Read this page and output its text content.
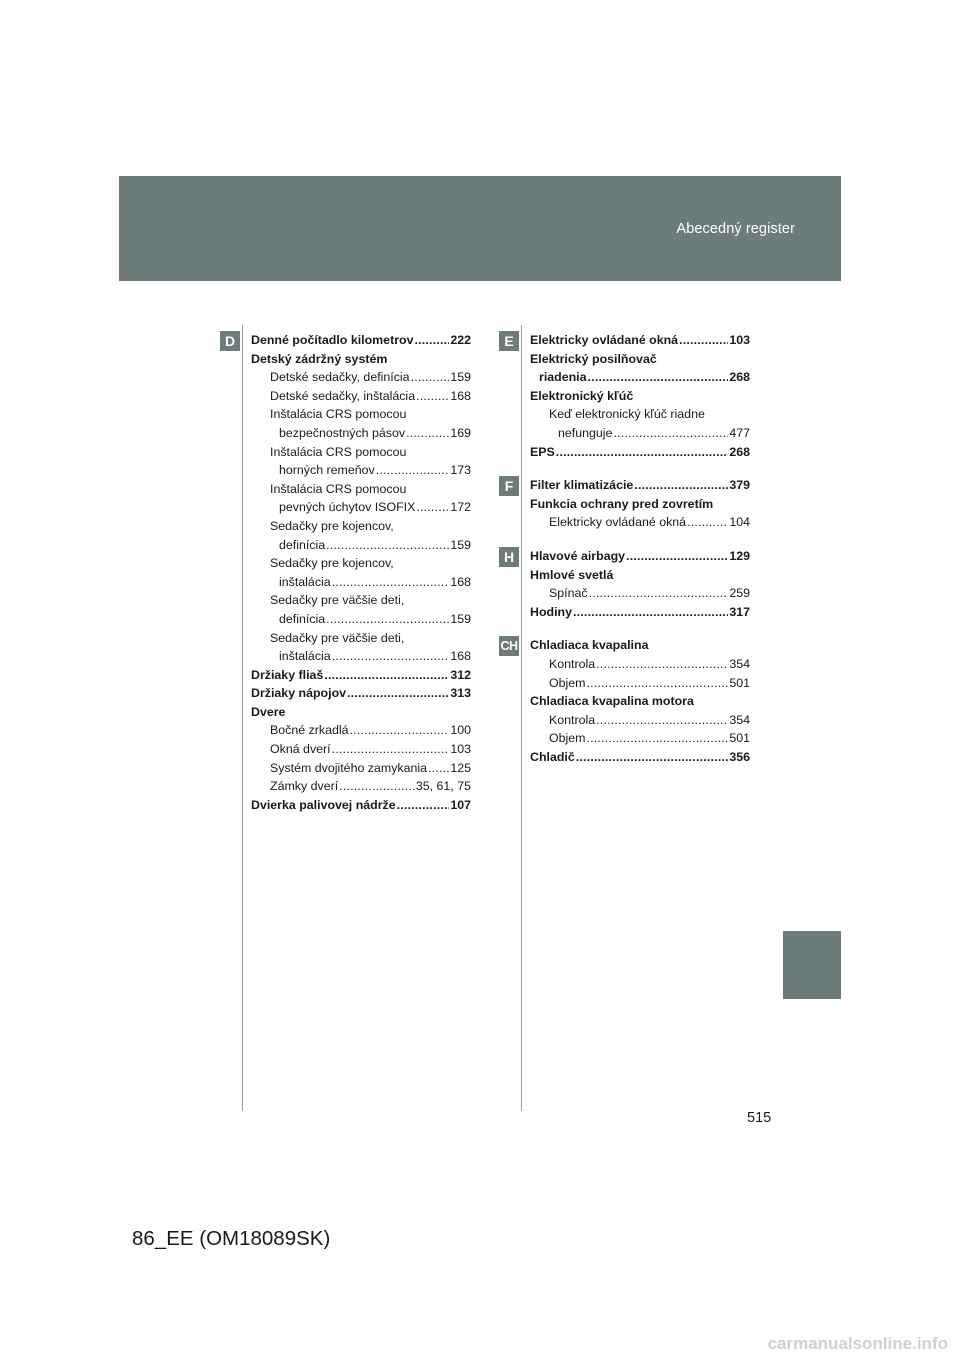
Abecedný register
D	Denné počítadlo kilometrov .....	222
Detský zádržný systém
Detské sedačky, definícia .....	159
Detské sedačky, inštalácia .....	168
Inštalácia CRS pomocou
bezpečnostných pásov .....	169
Inštalácia CRS pomocou
horných remeňov .....	173
Inštalácia CRS pomocou
pevných úchytov ISOFIX .....	172
Sedačky pre kojencov,
definícia .....	159
Sedačky pre kojencov,
inštalácia .....	168
Sedačky pre väčšie deti,
definícia .....	159
Sedačky pre väčšie deti,
inštalácia .....	168
Držiaky fliaš .....	312
Držiaky nápojov .....	313
Dvere
Bočné zrkadlá .....	100
Okná dverí .....	103
Systém dvojitého zamykania ..... 125
Zámky dverí .....	35, 61, 75
Dvierka palivovej nádrže .....	107
Elektricky ovládané okná .....	103
Elektrický posilňovač
riadenia .....	268
Elektronický kľúč
Keď elektronický kľúč riadne
nefunguje .....	477
EPS .....	268
Filter klimatizácie .....	379
Funkcia ochrany pred zovretím
Elektricky ovládané okná .....	104
Hlavové airbagy .....	129
Hmlové svetlá
Spínač .....	259
Hodiny .....	317
Chladiaca kvapalina
Kontrola .....	354
Objem .....	501
Chladiaca kvapalina motora
Kontrola .....	354
Objem .....	501
Chladič .....	356
515
86_EE (OM18089SK)
carmanualsonline.info
E
F
H
CH
